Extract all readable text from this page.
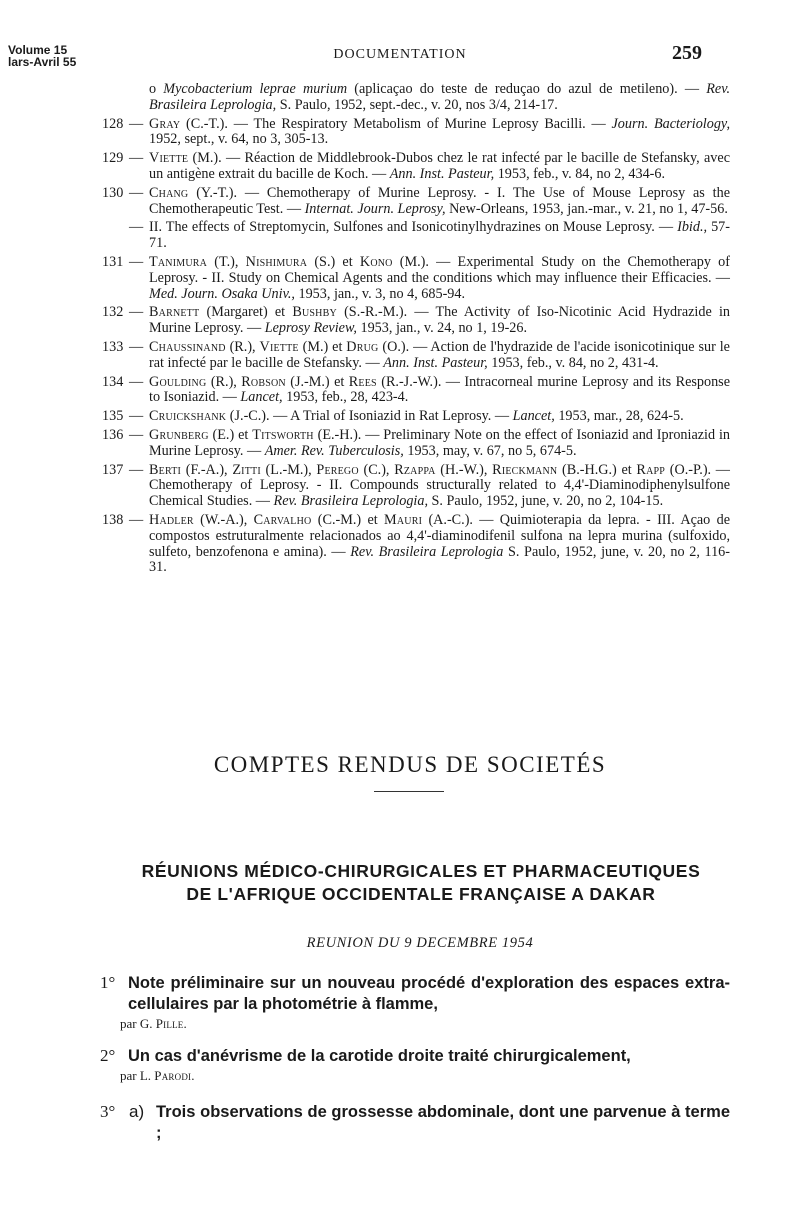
Volume 15
lars-Avril 55	DOCUMENTATION	259
o Mycobacterium leprae murium (aplicaçao do teste de reduçao do azul de metileno). — Rev. Brasileira Leprologia, S. Paulo, 1952, sept.-dec., v. 20, nos 3/4, 214-17.
128 — Gray (C.-T.). — The Respiratory Metabolism of Murine Leprosy Bacilli. — Journ. Bacteriology, 1952, sept., v. 64, no 3, 305-13.
129 — Viette (M.). — Réaction de Middlebrook-Dubos chez le rat infecté par le bacille de Stefansky, avec un antigène extrait du bacille de Koch. — Ann. Inst. Pasteur, 1953, feb., v. 84, no 2, 434-6.
130 — Chang (Y.-T.). — Chemotherapy of Murine Leprosy. - I. The Use of Mouse Leprosy as the Chemotherapeutic Test. — Internat. Journ. Leprosy, New-Orleans, 1953, jan.-mar., v. 21, no 1, 47-56.
— II. The effects of Streptomycin, Sulfones and Isonicotinylhydrazines on Mouse Leprosy. — Ibid., 57-71.
131 — Tanimura (T.), Nishimura (S.) et Kono (M.). — Experimental Study on the Chemotherapy of Leprosy. - II. Study on Chemical Agents and the conditions which may influence their Efficacies. — Med. Journ. Osaka Univ., 1953, jan., v. 3, no 4, 685-94.
132 — Barnett (Margaret) et Bushby (S.-R.-M.). — The Activity of Iso-Nicotinic Acid Hydrazide in Murine Leprosy. — Leprosy Review, 1953, jan., v. 24, no 1, 19-26.
133 — Chaussinand (R.), Viette (M.) et Drug (O.). — Action de l'hydrazide de l'acide isonicotinique sur le rat infecté par le bacille de Stefansky. — Ann. Inst. Pasteur, 1953, feb., v. 84, no 2, 431-4.
134 — Goulding (R.), Robson (J.-M.) et Rees (R.-J.-W.). — Intracorneal murine Leprosy and its Response to Isoniazid. — Lancet, 1953, feb., 28, 423-4.
135 — Cruickshank (J.-C.). — A Trial of Isoniazid in Rat Leprosy. — Lancet, 1953, mar., 28, 624-5.
136 — Grunberg (E.) et Titsworth (E.-H.). — Preliminary Note on the effect of Isoniazid and Iproniazid in Murine Leprosy. — Amer. Rev. Tuberculosis, 1953, may, v. 67, no 5, 674-5.
137 — Berti (F.-A.), Zitti (L.-M.), Perego (C.), Rzappa (H.-W.), Rieckmann (B.-H.G.) et Rapp (O.-P.). — Chemotherapy of Leprosy. - II. Compounds structurally related to 4,4'-Diaminodiphenylsulfone Chemical Studies. — Rev. Brasileira Leprologia, S. Paulo, 1952, june, v. 20, no 2, 104-15.
138 — Hadler (W.-A.), Carvalho (C.-M.) et Mauri (A.-C.). — Quimioterapia da lepra. - III. Açao de compostos estruturalmente relacionados ao 4,4'-diaminodifenil sulfona na lepra murina (sulfoxido, sulfeto, benzofenona e amina). — Rev. Brasileira Leprologia S. Paulo, 1952, june, v. 20, no 2, 116-31.
COMPTES RENDUS DE SOCIETÉS
RÉUNIONS MÉDICO-CHIRURGICALES ET PHARMACEUTIQUES
DE L'AFRIQUE OCCIDENTALE FRANÇAISE A DAKAR
REUNION DU 9 DECEMBRE 1954
1° Note préliminaire sur un nouveau procédé d'exploration des espaces extra-cellulaires par la photométrie à flamme,
par G. Pille.
2° Un cas d'anévrisme de la carotide droite traité chirurgicalement,
par L. Parodi.
3° a) Trois observations de grossesse abdominale, dont une parvenue à terme ;
